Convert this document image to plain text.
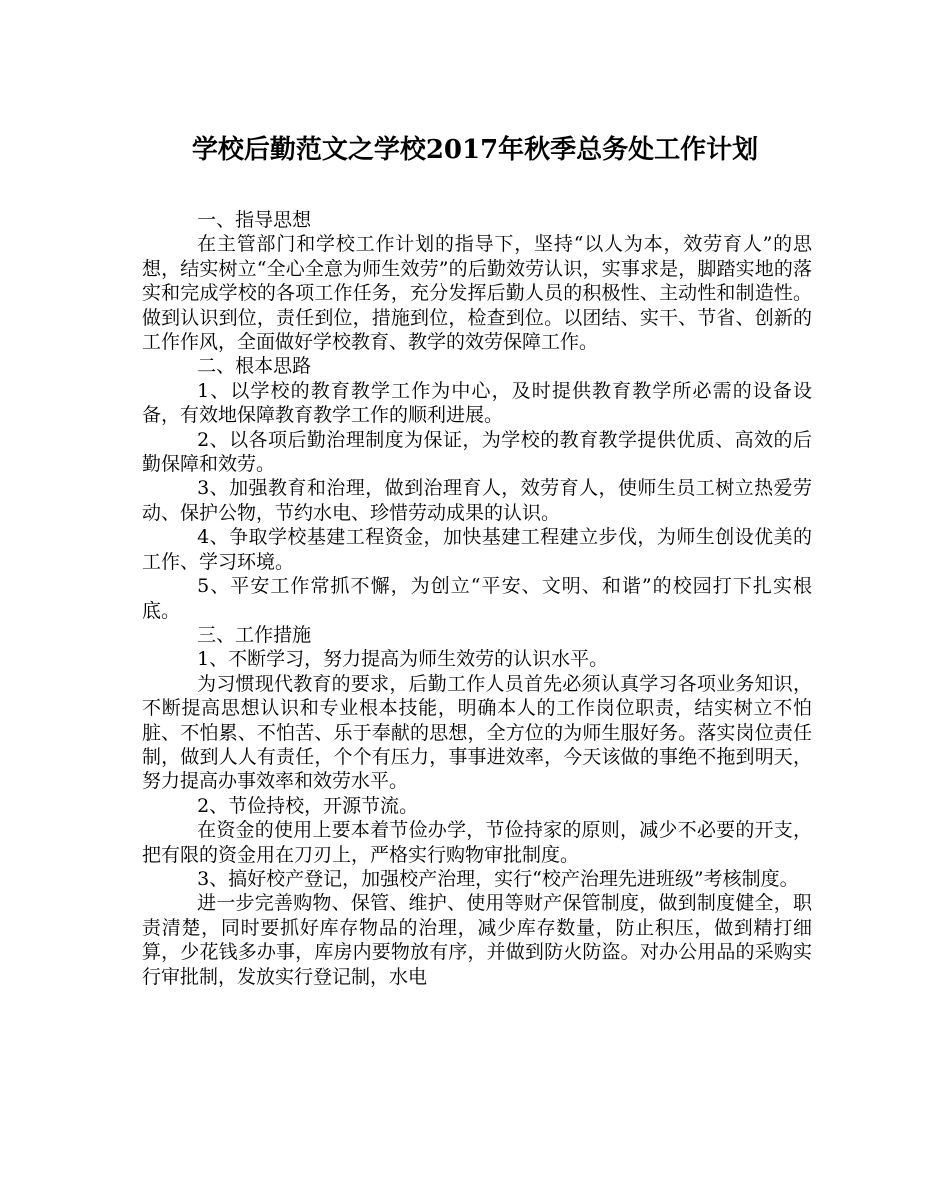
学校后勤范文之学校2017年秋季总务处工作计划

一、指导思想

在主管部门和学校工作计划的指导下，坚持“以人为本，效劳育人”的思想，结实树立“全心全意为师生效劳”的后勤效劳认识，实事求是，脚踏实地的落实和完成学校的各项工作任务，充分发挥后勤人员的积极性、主动性和制造性。做到认识到位，责任到位，措施到位，检查到位。以团结、实干、节省、创新的工作作风，全面做好学校教育、教学的效劳保障工作。

二、根本思路

1、以学校的教育教学工作为中心，及时提供教育教学所必需的设备设备，有效地保障教育教学工作的顺利进展。

2、以各项后勤治理制度为保证，为学校的教育教学提供优质、高效的后勤保障和效劳。

3、加强教育和治理，做到治理育人，效劳育人，使师生员工树立热爱劳动、保护公物，节约水电、珍惜劳动成果的认识。

4、争取学校基建工程资金，加快基建工程建立步伐，为师生创设优美的工作、学习环境。

5、平安工作常抓不懈，为创立“平安、文明、和谐”的校园打下扎实根底。

三、工作措施

1、不断学习，努力提高为师生效劳的认识水平。

为习惯现代教育的要求，后勤工作人员首先必须认真学习各项业务知识，不断提高思想认识和专业根本技能，明确本人的工作岗位职责，结实树立不怕脏、不怕累、不怕苦、乐于奉献的思想，全方位的为师生服好务。落实岗位责任制，做到人人有责任，个个有压力，事事进效率，今天该做的事绝不拖到明天，努力提高办事效率和效劳水平。

2、节俭持校，开源节流。

在资金的使用上要本着节俭办学，节俭持家的原则，减少不必要的开支，把有限的资金用在刀刃上，严格实行购物审批制度。

3、搞好校产登记，加强校产治理，实行“校产治理先进班级”考核制度。

进一步完善购物、保管、维护、使用等财产保管制度，做到制度健全，职责清楚，同时要抓好库存物品的治理，减少库存数量，防止积压，做到精打细算，少花钱多办事，库房内要物放有序，并做到防火防盗。对办公用品的采购实行审批制，发放实行登记制，水电
